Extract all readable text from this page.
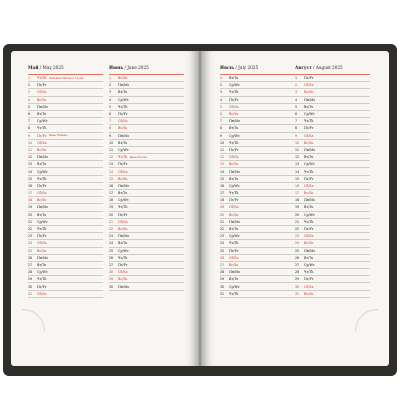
Май / May 2025
1	Чт/Th Праздник Весны и Труда
2	Пт/Fr
3	Сб/Sa
4	Вс/Su
5	Пн/Mo
6	Вт/Tu
7	Ср/We
8	Чт/Th
9	Пт/Fr	День Победы
10	Сб/Sa
11	Вс/Su
12	Пн/Mo
13	Вт/Tu
14	Ср/We
15	Чт/Th
16	Пт/Fr
17	Сб/Sa
18	Вс/Su
19	Пн/Mo
20	Вт/Tu
21	Ср/We
22	Чт/Th
23	Пт/Fr
24	Сб/Sa
25	Вс/Su
26	Пн/Mo
27	Вт/Tu
28	Ср/We
29	Чт/Th
30	Пт/Fr
31	Сб/Sa
Июнь / June 2025
1	Вс/Su
2	Пн/Mo
3	Вт/Tu
4	Ср/We
5	Чт/Th
6	Пт/Fr
7	Сб/Sa
8	Вс/Su
9	Пн/Mo
10	Вт/Tu
11	Ср/We
12	Чт/Th День России
13	Пт/Fr
14	Сб/Sa
15	Вс/Su
16	Пн/Mo
17	Вт/Tu
18	Ср/We
19	Чт/Th
20	Пт/Fr
21	Сб/Sa
22	Вс/Su
23	Пн/Mo
24	Вт/Tu
25	Ср/We
26	Чт/Th
27	Пт/Fr
28	Сб/Sa
29	Вс/Su
30	Пн/Mo
Июль / July 2025
1	Вт/Tu
2	Ср/We
3	Чт/Th
4	Пт/Fr
5	Сб/Sa
6	Вс/Su
7	Пн/Mo
8	Вт/Tu
9	Ср/We
10	Чт/Th
11	Пт/Fr
12	Сб/Sa
13	Вс/Su
14	Пн/Mo
15	Вт/Tu
16	Ср/We
17	Чт/Th
18	Пт/Fr
19	Сб/Sa
20	Вс/Su
21	Пн/Mo
22	Вт/Tu
23	Ср/We
24	Чт/Th
25	Пт/Fr
26	Сб/Sa
27	Вс/Su
28	Пн/Mo
29	Вт/Tu
30	Ср/We
31	Чт/Th
Август / August 2025
1	Пт/Fr
2	Сб/Sa
3	Вс/Su
4	Пн/Mo
5	Вт/Tu
6	Ср/We
7	Чт/Th
8	Пт/Fr
9	Сб/Sa
10	Вс/Su
11	Пн/Mo
12	Вт/Tu
13	Ср/We
14	Чт/Th
15	Пт/Fr
16	Сб/Sa
17	Вс/Su
18	Пн/Mo
19	Вт/Tu
20	Ср/We
21	Чт/Th
22	Пт/Fr
23	Сб/Sa
24	Вс/Su
25	Пн/Mo
26	Вт/Tu
27	Ср/We
28	Чт/Th
29	Пт/Fr
30	Сб/Sa
31	Вс/Su
